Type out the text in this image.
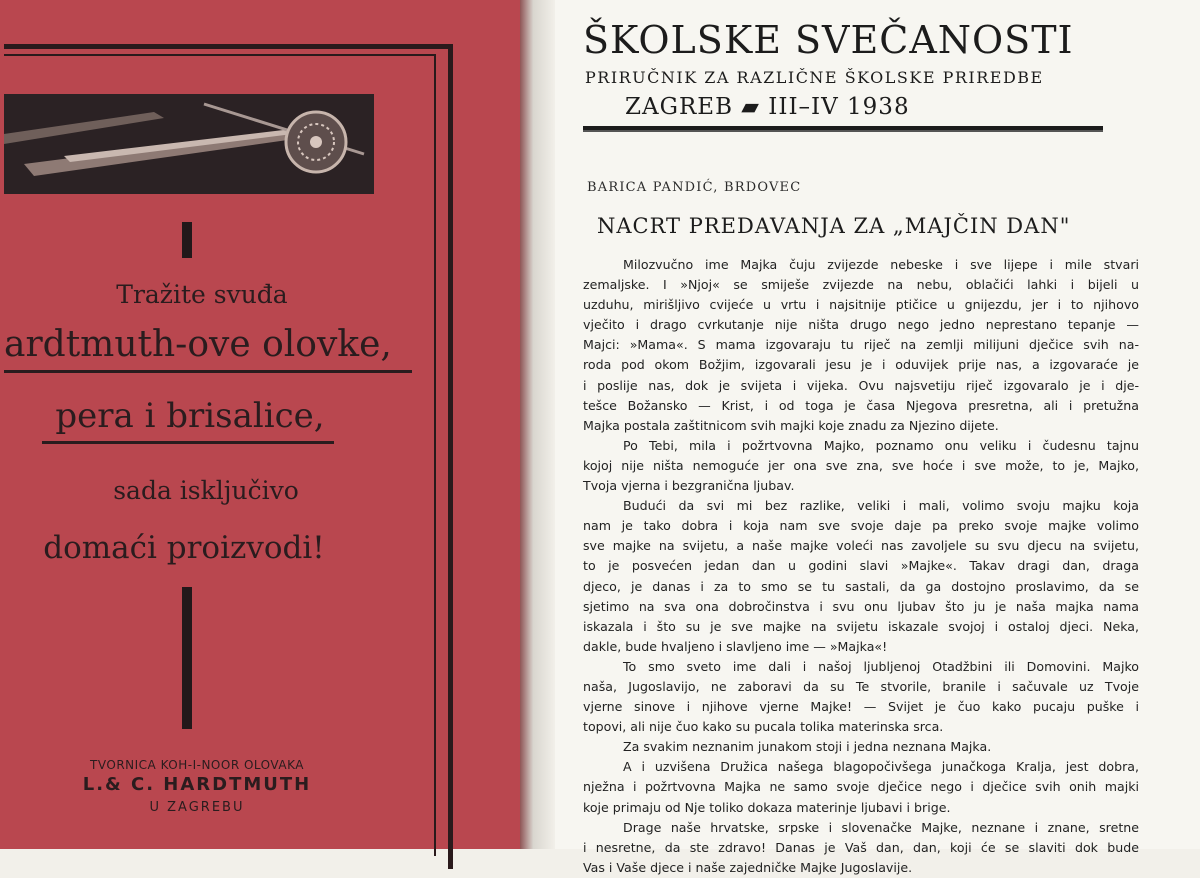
Tražite svuđa
ardtmuth-ove olovke,
pera i brisalice,
sada isključivo
domaći proizvodi!
TVORNICA KOH-I-NOOR OLOVAKA
L.& C. HARDTMUTH
U ZAGREBU
ŠKOLSKE SVEČANOSTI
PRIRUČNIK ZA RAZLIČNE ŠKOLSKE PRIREDBE
ZAGREB ▰ III–IV 1938
BARICA PANDIĆ, BRDOVEC
NACRT PREDAVANJA ZA „MAJČIN DAN"
Milozvučno ime Majka čuju zvijezde nebeske i sve lijepe i mile stvari
zemaljske. I »Njoj« se smiješe zvijezde na nebu, oblačići lahki i bijeli u
uzduhu, mirišljivo cvijeće u vrtu i najsitnije ptičice u gnijezdu, jer i to njihovo
vječito i drago cvrkutanje nije ništa drugo nego jedno neprestano tepanje —
Majci: »Mama«. S mama izgovaraju tu riječ na zemlji milijuni dječice svih na-
roda pod okom Božjim, izgovarali jesu je i oduvijek prije nas, a izgovaraće je
i poslije nas, dok je svijeta i vijeka. Ovu najsvetiju riječ izgovaralo je i dje-
tešce Božansko — Krist, i od toga je časa Njegova presretna, ali i pretužna
Majka postala zaštitnicom svih majki koje znadu za Njezino dijete.
Po Tebi, mila i požrtvovna Majko, poznamo onu veliku i čudesnu tajnu
kojoj nije ništa nemoguće jer ona sve zna, sve hoće i sve može, to je, Majko,
Tvoja vjerna i bezgranična ljubav.
Budući da svi mi bez razlike, veliki i mali, volimo svoju majku koja
nam je tako dobra i koja nam sve svoje daje pa preko svoje majke volimo
sve majke na svijetu, a naše majke voleći nas zavoljele su svu djecu na svijetu,
to je posvećen jedan dan u godini slavi »Majke«. Takav dragi dan, draga
djeco, je danas i za to smo se tu sastali, da ga dostojno proslavimo, da se
sjetimo na sva ona dobročinstva i svu onu ljubav što ju je naša majka nama
iskazala i što su je sve majke na svijetu iskazale svojoj i ostaloj djeci. Neka,
dakle, bude hvaljeno i slavljeno ime — »Majka«!
To smo sveto ime dali i našoj ljubljenoj Otadžbini ili Domovini. Majko
naša, Jugoslavijo, ne zaboravi da su Te stvorile, branile i sačuvale uz Tvoje
vjerne sinove i njihove vjerne Majke! — Svijet je čuo kako pucaju puške i
topovi, ali nije čuo kako su pucala tolika materinska srca.
Za svakim neznanim junakom stoji i jedna neznana Majka.
A i uzvišena Družica našega blagopočivšega junačkoga Kralja, jest dobra,
nježna i požrtvovna Majka ne samo svoje dječice nego i dječice svih onih majki
koje primaju od Nje toliko dokaza materinje ljubavi i brige.
Drage naše hrvatske, srpske i slovenačke Majke, neznane i znane, sretne
i nesretne, da ste zdravo! Danas je Vaš dan, dan, koji će se slaviti dok bude
Vas i Vaše djece i naše zajedničke Majke Jugoslavije.
